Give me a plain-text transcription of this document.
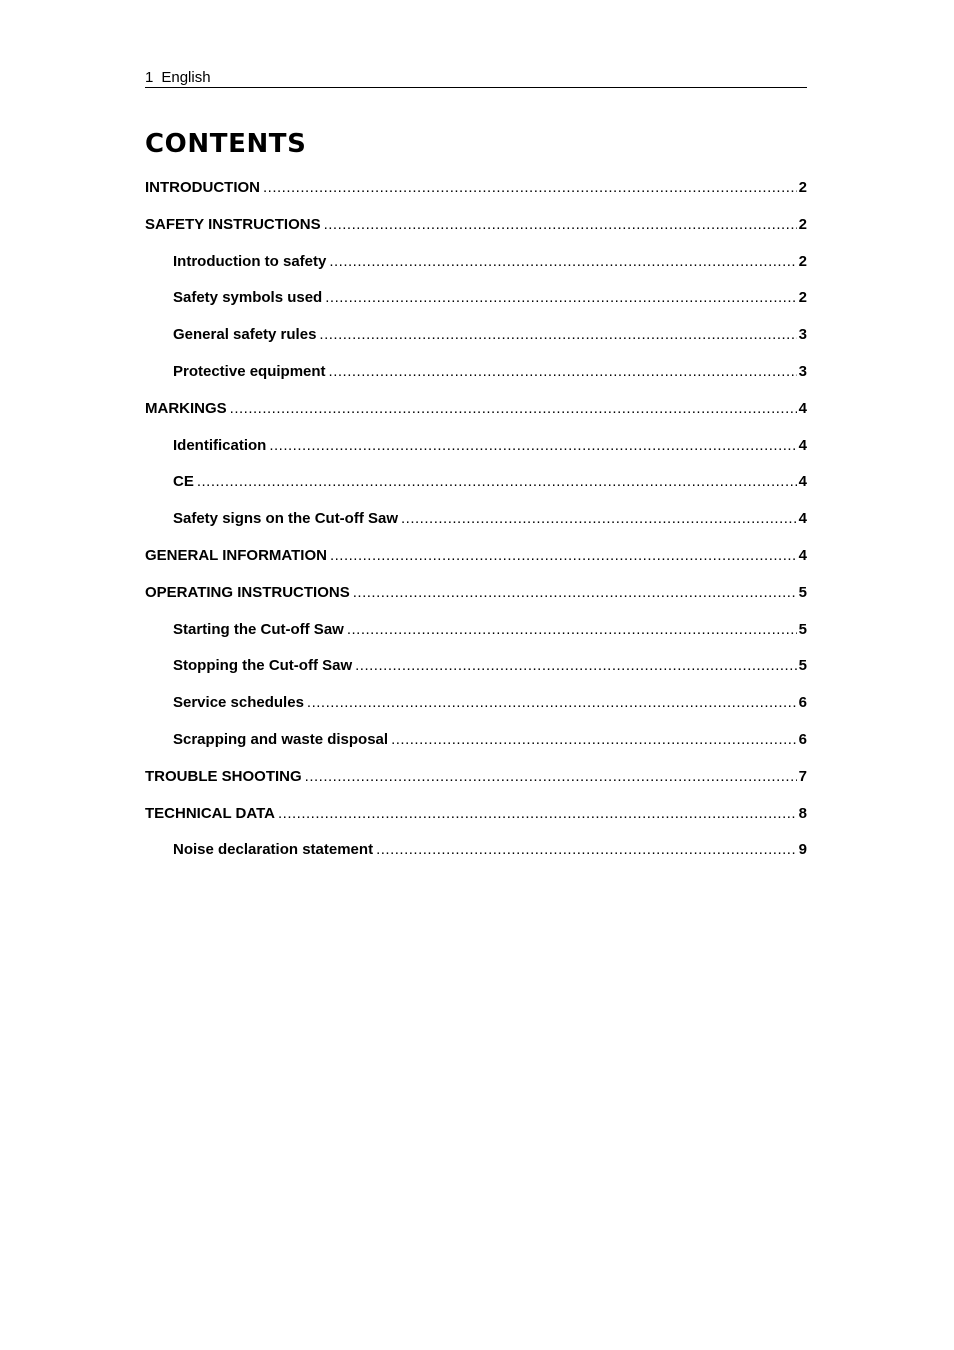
1 English
CONTENTS
INTRODUCTION .....	2
SAFETY INSTRUCTIONS .....	2
Introduction to safety .....	2
Safety symbols used .....	2
General safety rules .....	3
Protective equipment .....	3
MARKINGS .....	4
Identification .....	4
CE .....	4
Safety signs on the Cut-off Saw .....	4
GENERAL INFORMATION .....	4
OPERATING INSTRUCTIONS .....	5
Starting the Cut-off Saw .....	5
Stopping the Cut-off Saw .....	5
Service schedules .....	6
Scrapping and waste disposal .....	6
TROUBLE SHOOTING .....	7
TECHNICAL DATA .....	8
Noise declaration statement .....	9
